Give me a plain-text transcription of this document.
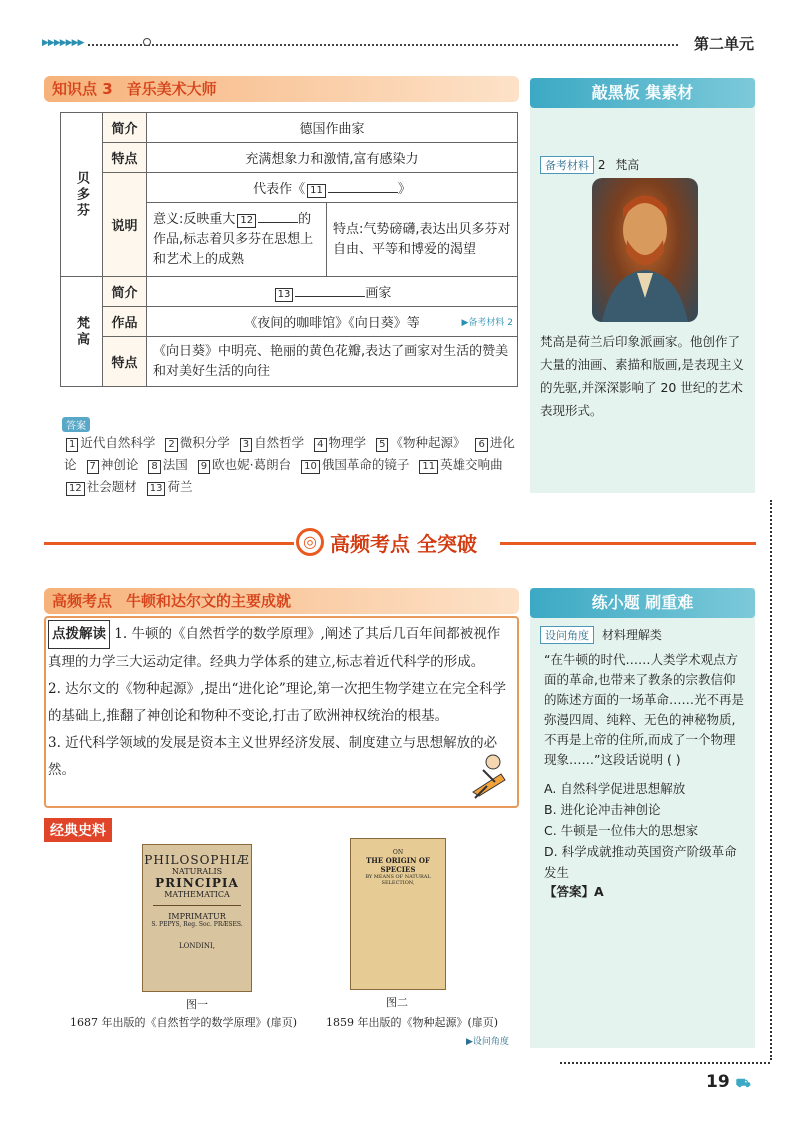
▶▶▶▶▶▶▶	第二单元
知识点 3 音乐美术大师
贝多芬	简介	德国作曲家	
	特点	充满想象力和激情,富有感染力	
	说明	代表作《 11 》	
		意义:反映重大 12 的作品,标志着贝多芬在思想上和艺术上的成熟	特点:气势磅礴,表达出贝多芬对自由、平等和博爱的渴望
梵高	简介	13 画家	
	作品	《夜间的咖啡馆》《向日葵》等 ▶备考材料 2	

	特点	《向日葵》中明亮、艳丽的黄色花瓣,表达了画家对生活的赞美和对美好生活的向往	
答案
1 近代自然科学 2 微积分学 3 自然哲学 4 物理学 5 《物种起源》 6 进化论 7 神创论 8 法国 9 欧也妮·葛朗台 10 俄国革命的镜子 11 英雄交响曲12 社会题材 13 荷兰
敲黑板 集素材
备考材料 2 梵高
梵高是荷兰后印象派画家。他创作了大量的油画、素描和版画,是表现主义的先驱,并深深影响了 20 世纪的艺术表现形式。
◎ 高频考点 全突破
高频考点 牛顿和达尔文的主要成就
点拨解读 1. 牛顿的《自然哲学的数学原理》,阐述了其后几百年间都被视作真理的力学三大运动定律。经典力学体系的建立,标志着近代科学的形成。
2. 达尔文的《物种起源》,提出“进化论”理论,第一次把生物学建立在完全科学的基础上,推翻了神创论和物种不变论,打击了欧洲神权统治的根基。
3. 近代科学领域的发展是资本主义世界经济发展、制度建立与思想解放的必然。
经典史料
PHILOSOPHIÆ
NATURALIS
PRINCIPIA
MATHEMATICA
IMPRIMATUR
S. PEPYS, Reg. Soc. PRÆSES.
LONDINI,
图一
1687 年出版的《自然哲学的数学原理》(扉页)
ON
THE ORIGIN OF SPECIES
BY MEANS OF NATURAL SELECTION,
图二
1859 年出版的《物种起源》(扉页)
▶设问角度
练小题 刷重难
设问角度 材料理解类
“在牛顿的时代……人类学术观点方面的革命,也带来了教条的宗教信仰的陈述方面的一场革命……光不再是弥漫四周、纯粹、无色的神秘物质,不再是上帝的住所,而成了一个物理现象……”这段话说明 ( )
A. 自然科学促进思想解放
B. 进化论冲击神创论
C. 牛顿是一位伟大的思想家
D. 科学成就推动英国资产阶级革命发生
【答案】A
19 ⛟
